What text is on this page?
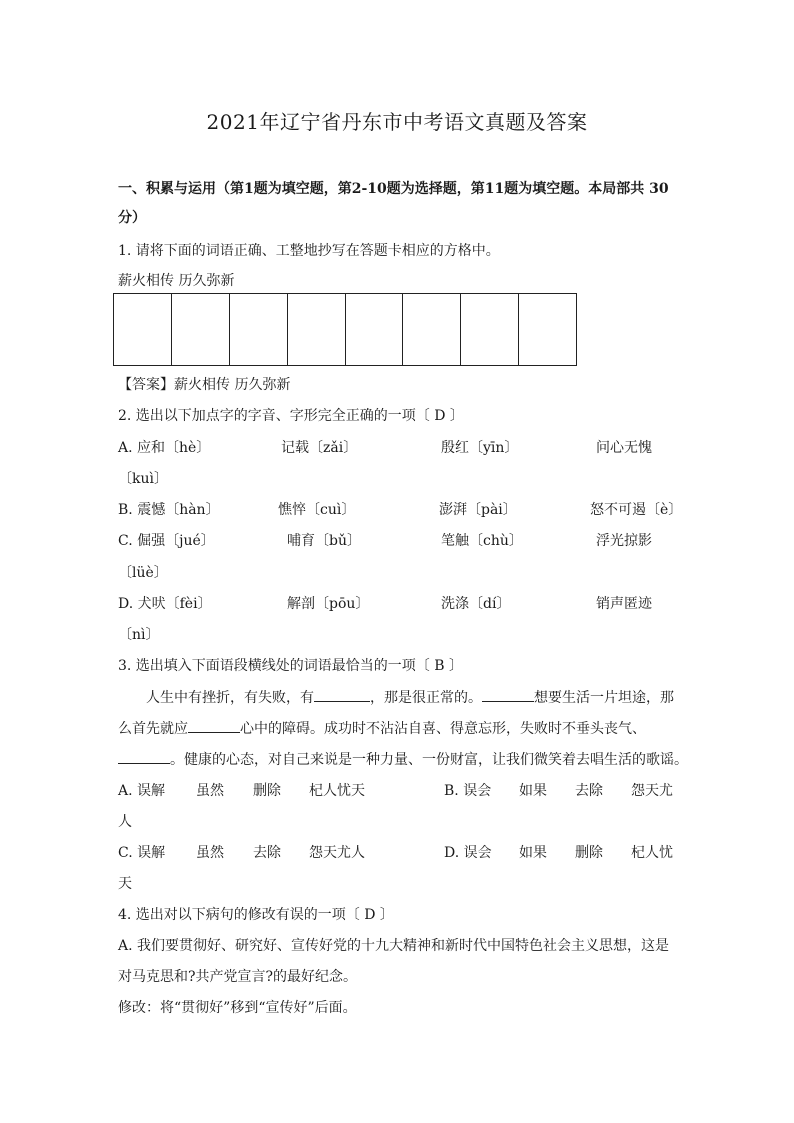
2021年辽宁省丹东市中考语文真题及答案
一、积累与运用（第1题为填空题，第2-10题为选择题，第11题为填空题。本局部共 30
分）
1. 请将下面的词语正确、工整地抄写在答题卡相应的方格中。
薪火相传 历久弥新
【答案】薪火相传 历久弥新
2. 选出以下加点字的字音、字形完全正确的一项〔 D 〕
A. 应和〔hè〕	记载〔zǎi〕	殷红〔yīn〕	问心无愧
〔kuì〕
B. 震憾〔hàn〕	憔悴〔cuì〕	澎湃〔pài〕	怒不可遏〔è〕
C. 倔强〔jué〕	哺育〔bǔ〕	笔触〔chù〕	浮光掠影
〔lüè〕
D. 犬吠〔fèi〕	解剖〔pōu〕	洗涤〔dí〕	销声匿迹
〔nì〕
3. 选出填入下面语段横线处的词语最恰当的一项〔 B 〕
人生中有挫折，有失败，有	，那是很正常的。	想要生活一片坦途，那
么首先就应	心中的障碍。成功时不沾沾自喜、得意忘形，失败时不垂头丧气、
。健康的心态，对自己来说是一种力量、一份财富，让我们微笑着去唱生活的歌谣。
A. 误解 虽然 删除 杞人忧天	B. 误会 如果 去除 怨天尤
人
C. 误解 虽然 去除 怨天尤人	D. 误会 如果 删除 杞人忧
天
4. 选出对以下病句的修改有误的一项〔 D 〕
A. 我们要贯彻好、研究好、宣传好党的十九大精神和新时代中国特色社会主义思想，这是
对马克思和?共产党宣言?的最好纪念。
修改：将“贯彻好”移到“宣传好”后面。
